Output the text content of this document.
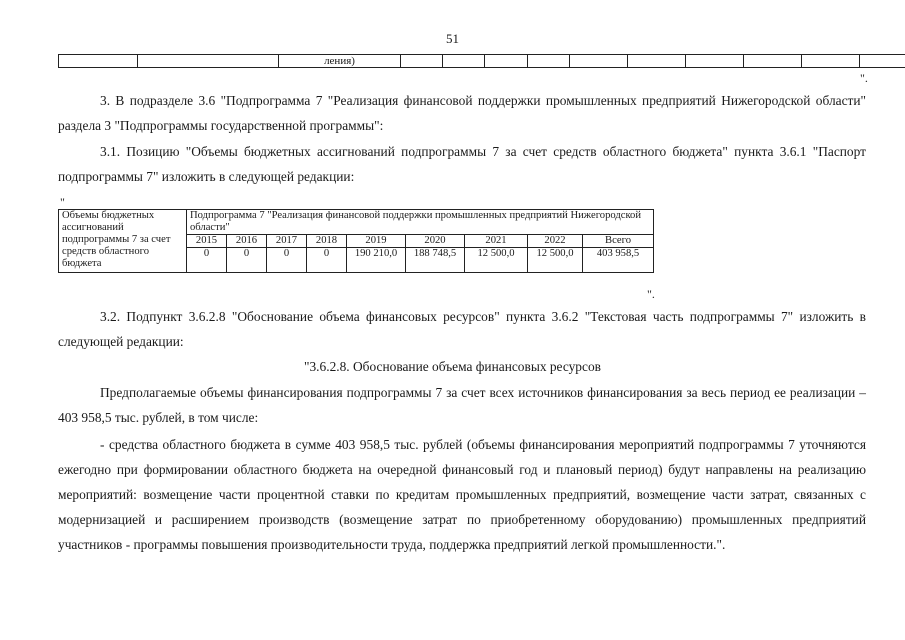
51
		ления)										
".

3. В подразделе 3.6 "Подпрограмма 7 "Реализация финансовой поддержки промышленных предприятий Нижегородской области" раздела 3 "Подпрограммы государственной программы":

3.1. Позицию "Объемы бюджетных ассигнований подпрограммы 7 за счет средств областного бюджета" пункта 3.6.1 "Паспорт подпрограммы 7" изложить в следующей редакции:

"
Объемы бюджетных ассигнований подпрограммы 7 за счет средств областного бюджета	Подпрограмма 7 "Реализация финансовой поддержки промышленных предприятий Нижегородской области"								
	2015	2016	2017	2018	2019	2020	2021	2022	Всего
	0	0	0	0	190 210,0	188 748,5	12 500,0	12 500,0	403 958,5
".

3.2. Подпункт 3.6.2.8 "Обоснование объема финансовых ресурсов" пункта 3.6.2 "Текстовая часть подпрограммы 7" изложить в следующей редакции:

"3.6.2.8. Обоснование объема финансовых ресурсов

Предполагаемые объемы финансирования подпрограммы 7 за счет всех источников финансирования за весь период ее реализации – 403 958,5 тыс. рублей, в том числе:

- средства областного бюджета в сумме 403 958,5 тыс. рублей (объемы финансирования мероприятий подпрограммы 7 уточняются ежегодно при формировании областного бюджета на очередной финансовый год и плановый период) будут направлены на реализацию мероприятий: возмещение части процентной ставки по кредитам промышленных предприятий, возмещение части затрат, связанных с модернизацией и расширением производств (возмещение затрат по приобретенному оборудованию) промышленных предприятий участников - программы повышения производительности труда, поддержка предприятий легкой промышленности.".
